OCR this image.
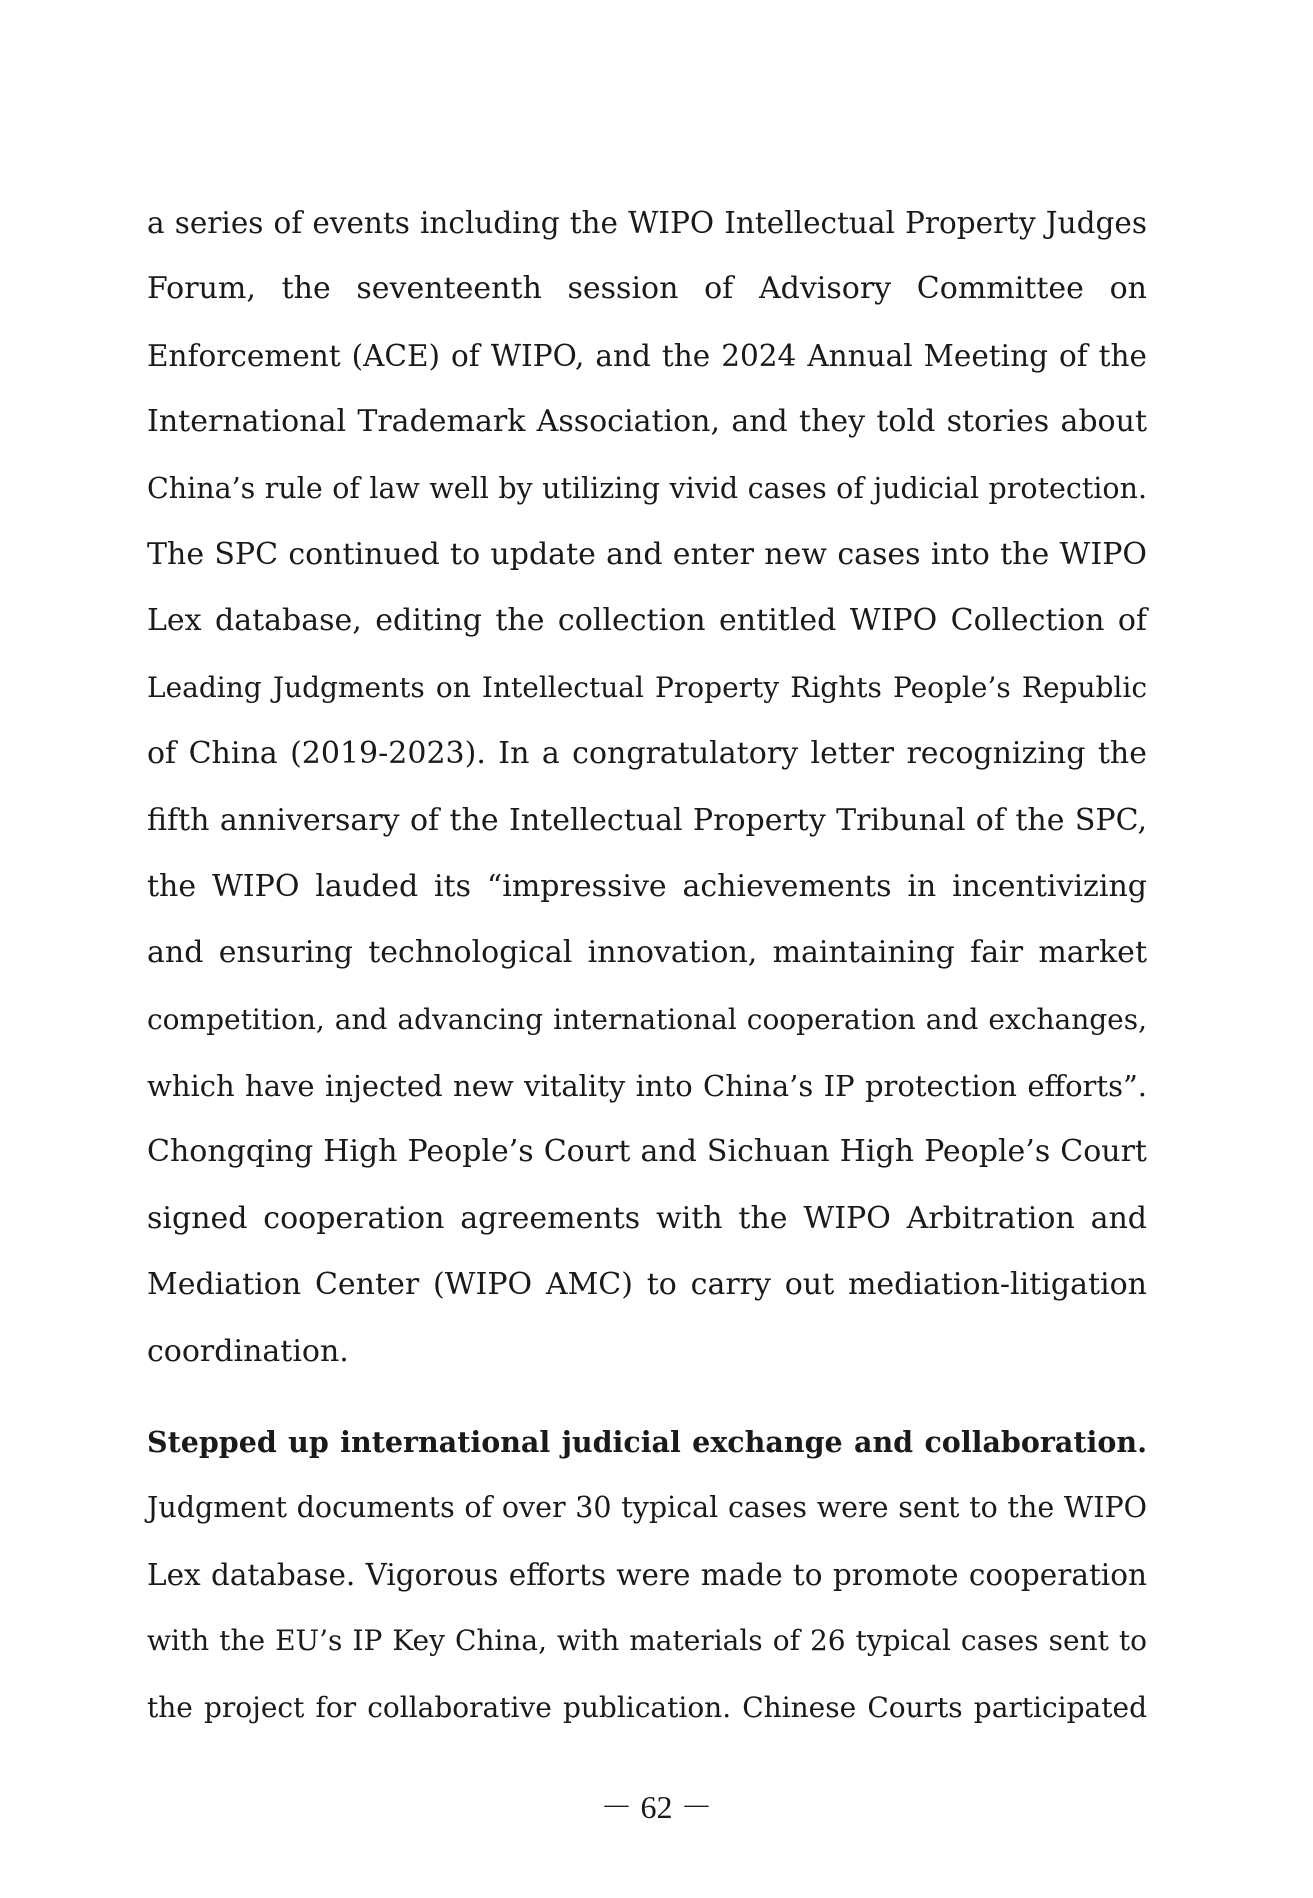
a series of events including the WIPO Intellectual Property Judges
Forum, the seventeenth session of Advisory Committee on
Enforcement (ACE) of WIPO, and the 2024 Annual Meeting of the
International Trademark Association, and they told stories about
China’s rule of law well by utilizing vivid cases of judicial protection.
The SPC continued to update and enter new cases into the WIPO
Lex database, editing the collection entitled WIPO Collection of
Leading Judgments on Intellectual Property Rights People’s Republic
of China (2019-2023). In a congratulatory letter recognizing the
fifth anniversary of the Intellectual Property Tribunal of the SPC,
the WIPO lauded its “impressive achievements in incentivizing
and ensuring technological innovation, maintaining fair market
competition, and advancing international cooperation and exchanges,
which have injected new vitality into China’s IP protection efforts”.
Chongqing High People’s Court and Sichuan High People’s Court
signed cooperation agreements with the WIPO Arbitration and
Mediation Center (WIPO AMC) to carry out mediation-litigation
coordination.
Stepped up international judicial exchange and collaboration.
Judgment documents of over 30 typical cases were sent to the WIPO
Lex database. Vigorous efforts were made to promote cooperation
with the EU’s IP Key China, with materials of 26 typical cases sent to
the project for collaborative publication. Chinese Courts participated
－ 62 －
